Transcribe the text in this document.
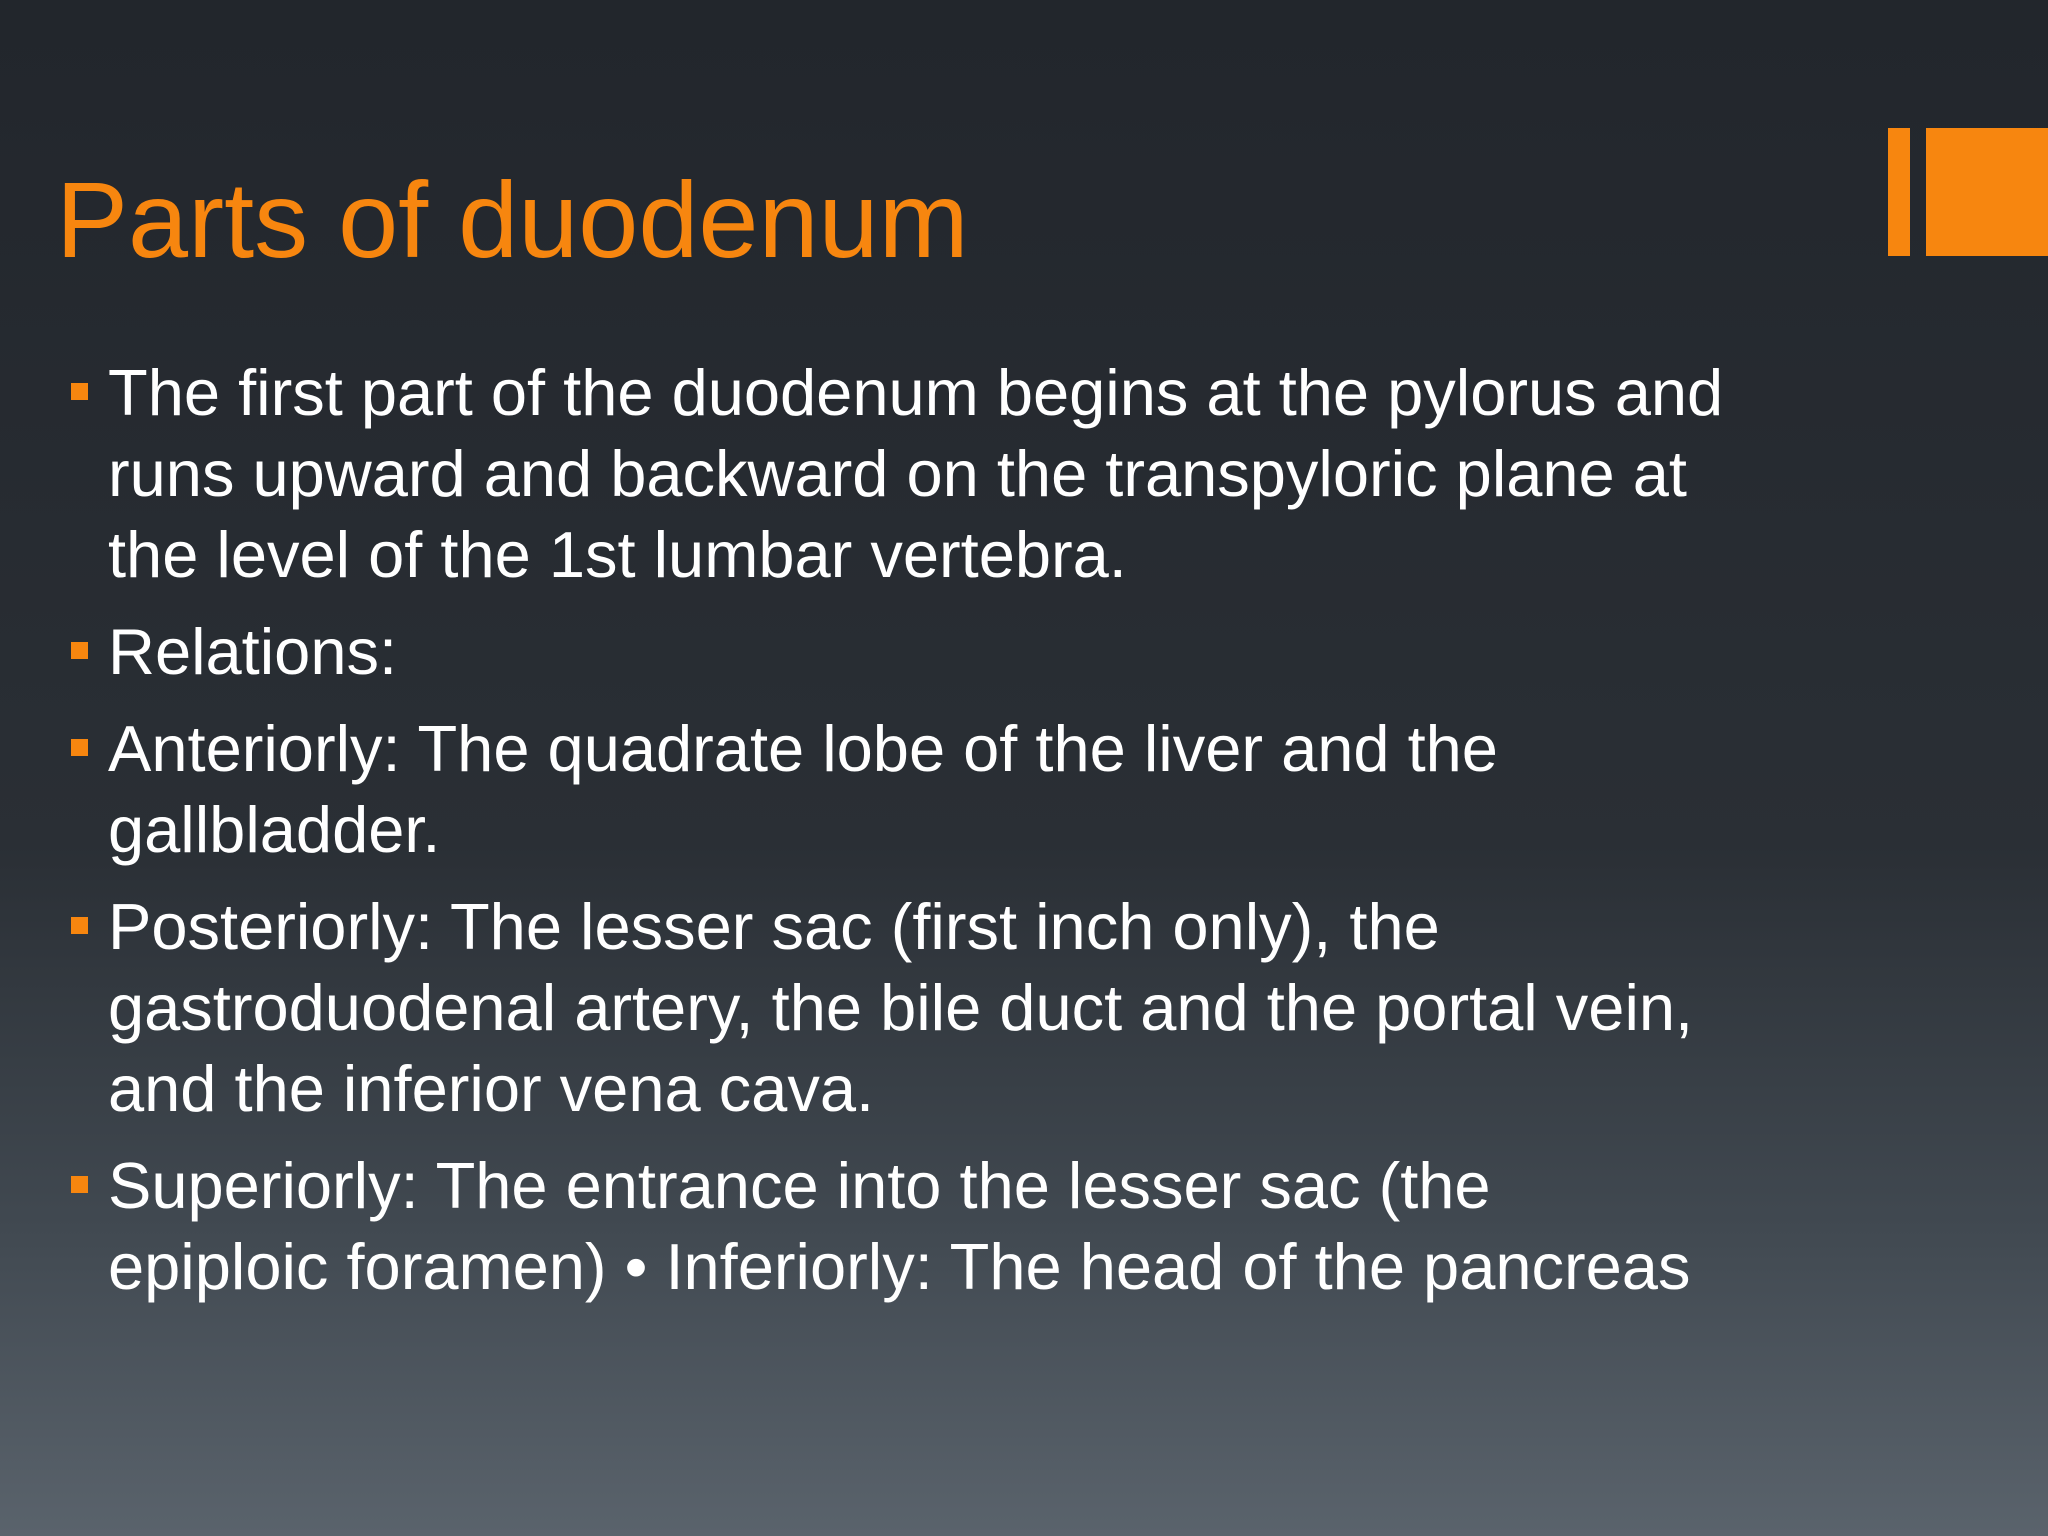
Parts of duodenum
The first part of the duodenum begins at the pylorus and
runs upward and backward on the transpyloric plane at
the level of the 1st lumbar vertebra.
Relations:
Anteriorly: The quadrate lobe of the liver and the
gallbladder.
Posteriorly: The lesser sac (first inch only), the
gastroduodenal artery, the bile duct and the portal vein,
and the inferior vena cava.
Superiorly: The entrance into the lesser sac (the
epiploic foramen) • Inferiorly: The head of the pancreas
